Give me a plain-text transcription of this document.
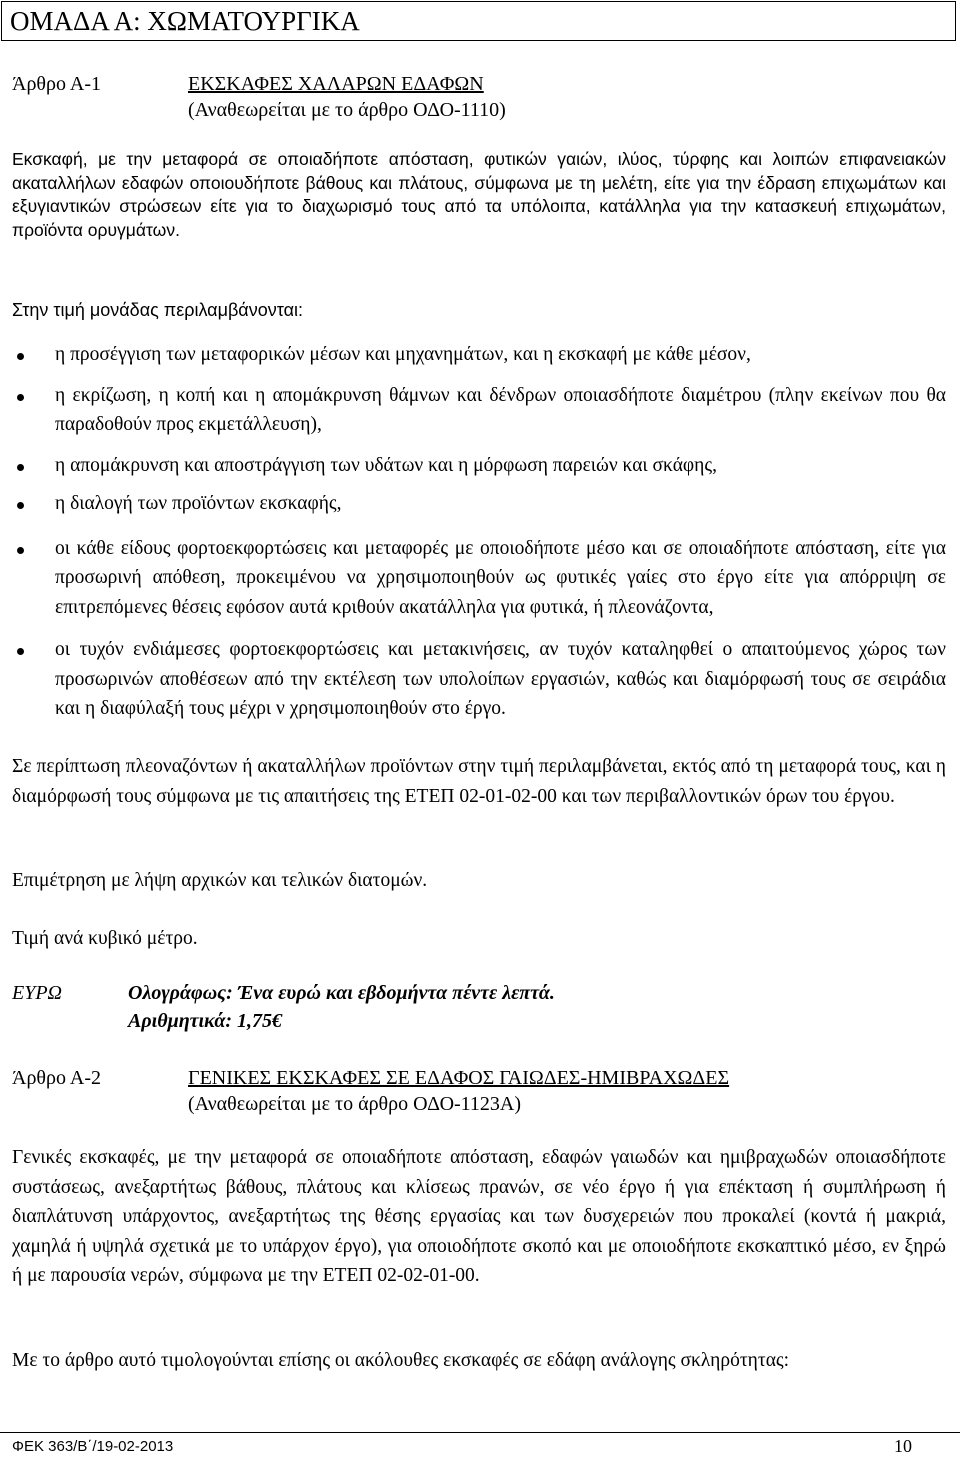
ΟΜΑΔΑ Α: ΧΩΜΑΤΟΥΡΓΙΚΑ
Άρθρο Α-1	ΕΚΣΚΑΦΕΣ ΧΑΛΑΡΩΝ ΕΔΑΦΩΝ
(Αναθεωρείται με το άρθρο ΟΔΟ-1110)
Εκσκαφή, με την μεταφορά σε οποιαδήποτε απόσταση, φυτικών γαιών, ιλύος, τύρφης και λοιπών επιφανειακών ακαταλλήλων εδαφών οποιουδήποτε βάθους και πλάτους, σύμφωνα με τη μελέτη, είτε για την έδραση επιχωμάτων και εξυγιαντικών στρώσεων είτε για το διαχωρισμό τους από τα υπόλοιπα, κατάλληλα για την κατασκευή επιχωμάτων, προϊόντα ορυγμάτων.
Στην τιμή μονάδας περιλαμβάνονται:

η προσέγγιση των μεταφορικών μέσων και μηχανημάτων, και η εκσκαφή με κάθε μέσον,

η εκρίζωση, η κοπή και η απομάκρυνση θάμνων και δένδρων οποιασδήποτε διαμέτρου (πλην εκείνων που θα παραδοθούν προς εκμετάλλευση),

η απομάκρυνση και αποστράγγιση των υδάτων και η μόρφωση παρειών και σκάφης,

η διαλογή των προϊόντων εκσκαφής,

οι κάθε είδους φορτοεκφορτώσεις και μεταφορές με οποιοδήποτε μέσο και σε οποιαδήποτε απόσταση, είτε για προσωρινή απόθεση, προκειμένου να χρησιμοποιηθούν ως φυτικές γαίες στο έργο είτε για απόρριψη σε επιτρεπόμενες θέσεις εφόσον αυτά κριθούν ακατάλληλα για φυτικά, ή πλεονάζοντα,

οι τυχόν ενδιάμεσες φορτοεκφορτώσεις και μετακινήσεις, αν τυχόν καταληφθεί ο απαιτούμενος χώρος των προσωρινών αποθέσεων από την εκτέλεση των υπολοίπων εργασιών, καθώς και διαμόρφωσή τους σε σειράδια και η διαφύλαξή τους μέχρι ν χρησιμοποιηθούν στο έργο.

Σε περίπτωση πλεοναζόντων ή ακαταλλήλων προϊόντων στην τιμή περιλαμβάνεται, εκτός από τη μεταφορά τους, και η διαμόρφωσή τους σύμφωνα με τις απαιτήσεις της ΕΤΕΠ 02-01-02-00 και των περιβαλλοντικών όρων του έργου.
Επιμέτρηση με λήψη αρχικών και τελικών διατομών.
Τιμή ανά κυβικό μέτρο.
ΕΥΡΩ	Ολογράφως: Ένα ευρώ και εβδομήντα πέντε λεπτά.
Αριθμητικά: 1,75€
Άρθρο Α-2	ΓΕΝΙΚΕΣ ΕΚΣΚΑΦΕΣ ΣΕ ΕΔΑΦΟΣ ΓΑΙΩΔΕΣ-ΗΜΙΒΡΑΧΩΔΕΣ
(Αναθεωρείται με το άρθρο ΟΔΟ-1123Α)
Γενικές εκσκαφές, με την μεταφορά σε οποιαδήποτε απόσταση, εδαφών γαιωδών και ημιβραχωδών οποιασδήποτε συστάσεως, ανεξαρτήτως βάθους, πλάτους και κλίσεως πρανών, σε νέο έργο ή για επέκταση ή συμπλήρωση ή διαπλάτυνση υπάρχοντος, ανεξαρτήτως της θέσης εργασίας και των δυσχερειών που προκαλεί (κοντά ή μακριά, χαμηλά ή υψηλά σχετικά με το υπάρχον έργο), για οποιοδήποτε σκοπό και με οποιοδήποτε εκσκαπτικό μέσο, εν ξηρώ ή με παρουσία νερών, σύμφωνα με την ΕΤΕΠ 02-02-01-00.
Με το άρθρο αυτό τιμολογούνται επίσης οι ακόλουθες εκσκαφές σε εδάφη ανάλογης σκληρότητας:
ΦΕΚ 363/Β΄/19-02-2013	10
